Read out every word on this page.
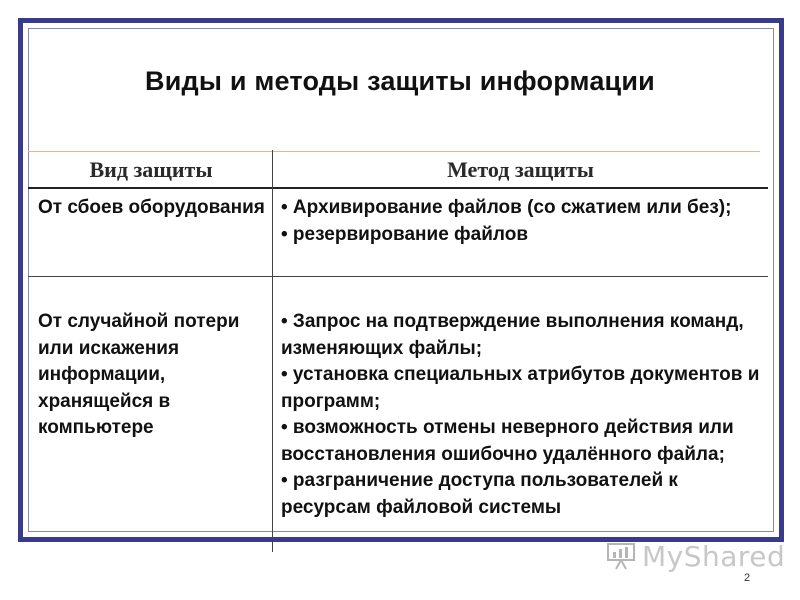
Виды и методы защиты информации
Вид защиты	Метод защиты
От сбоев оборудования • Архивирование файлов (со сжатием или без);
• резервирование файлов
От случайной потери или искажения информации, хранящейся в компьютере
• Запрос на подтверждение выполнения команд, изменяющих файлы;
• установка специальных атрибутов документов и программ;
• возможность отмены неверного действия или восстановления ошибочно удалённого файла;
• разграничение доступа пользователей к ресурсам файловой системы
MyShared
2
